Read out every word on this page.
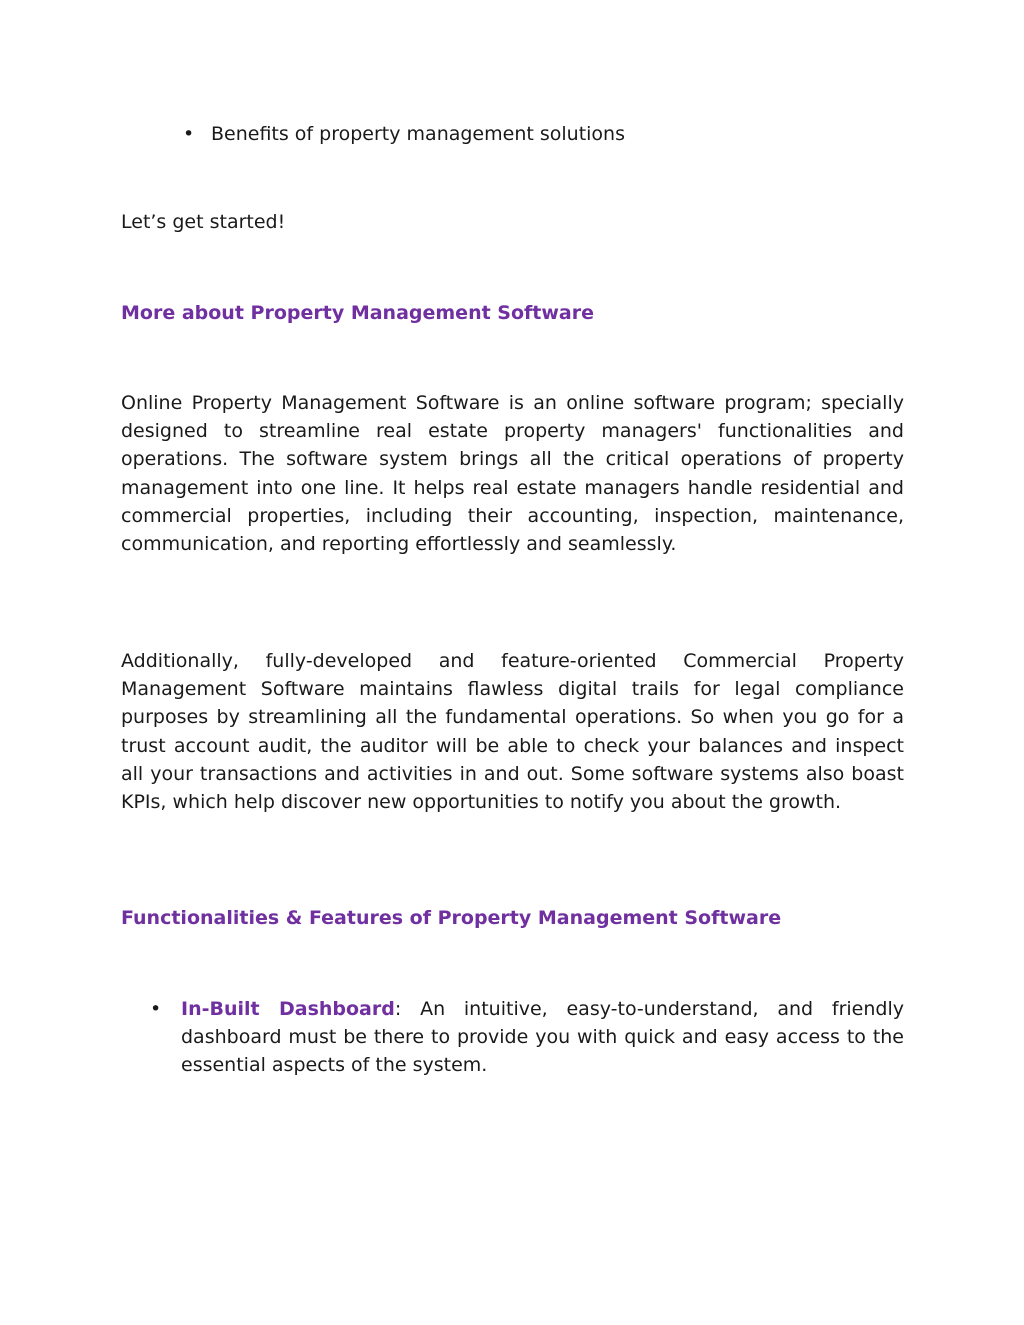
• Benefits of property management solutions
Let’s get started!
More about Property Management Software
Online Property Management Software is an online software program; specially designed to streamline real estate property managers' functionalities and operations. The software system brings all the critical operations of property management into one line. It helps real estate managers handle residential and commercial properties, including their accounting, inspection, maintenance, communication, and reporting effortlessly and seamlessly.
Additionally, fully-developed and feature-oriented Commercial Property Management Software maintains flawless digital trails for legal compliance purposes by streamlining all the fundamental operations. So when you go for a trust account audit, the auditor will be able to check your balances and inspect all your transactions and activities in and out. Some software systems also boast KPIs, which help discover new opportunities to notify you about the growth.
Functionalities & Features of Property Management Software
• In-Built Dashboard: An intuitive, easy-to-understand, and friendly dashboard must be there to provide you with quick and easy access to the essential aspects of the system.
